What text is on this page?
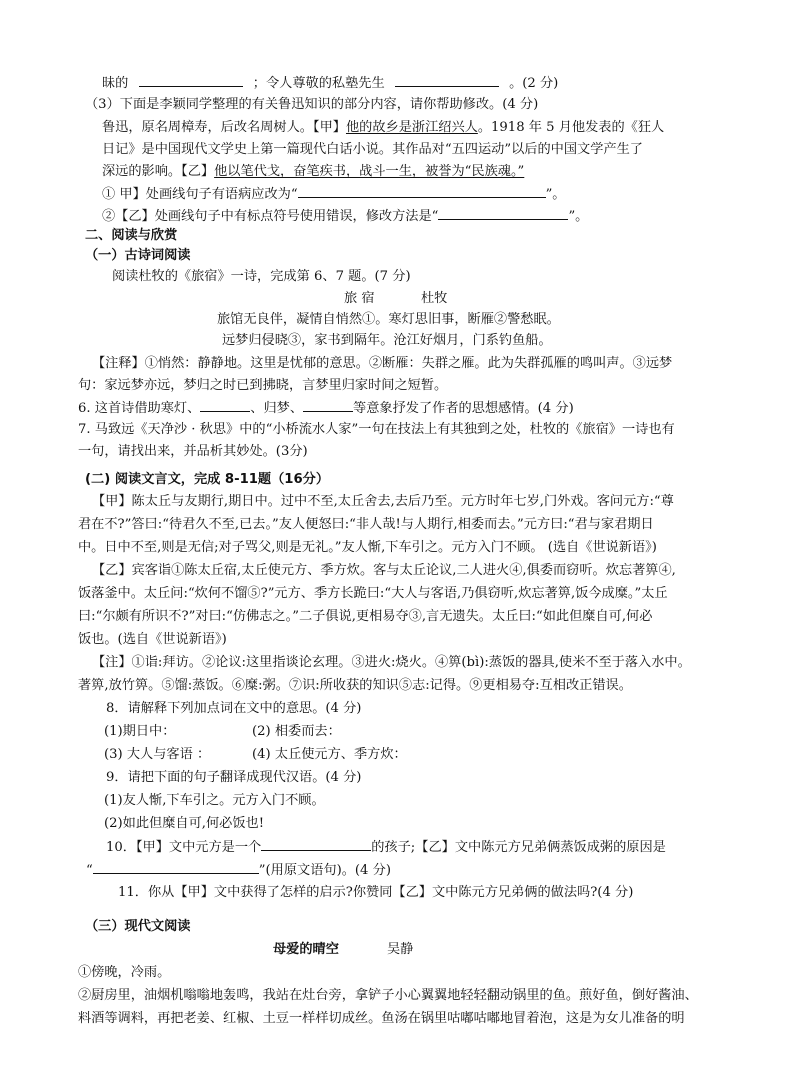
昧的	；令人尊敬的私塾先生	。(2 分)
（3）下面是李颖同学整理的有关鲁迅知识的部分内容，请你帮助修改。(4 分)
鲁迅，原名周樟寿，后改名周树人。【甲】他的故乡是浙江绍兴人。1918 年 5 月他发表的《狂人
日记》是中国现代文学史上第一篇现代白话小说。其作品对“五四运动”以后的中国文学产生了
深远的影响。【乙】他以笔代戈，奋笔疾书，战斗一生，被誉为“民族魂。”
① 甲】处画线句子有语病应改为“	”。
②【乙】处画线句子中有标点符号使用错误，修改方法是“	”。
二、阅读与欣赏
（一）古诗词阅读
阅读杜牧的《旅宿》一诗，完成第 6、7 题。(7 分)
旅 宿	杜牧
旅馆无良伴，凝情自悄然①。寒灯思旧事，断雁②警愁眠。
远梦归侵晓③，家书到隔年。沧江好烟月，门系钓鱼船。
【注释】①悄然：静静地。这里是忧郁的意思。②断雁：失群之雁。此为失群孤雁的鸣叫声。③远梦
句：家远梦亦远，梦归之时已到拂晓，言梦里归家时间之短暂。
6. 这首诗借助寒灯、	、归梦、	等意象抒发了作者的思想感情。(4 分)
7. 马致远《天净沙 · 秋思》中的“小桥流水人家”一句在技法上有其独到之处，杜牧的《旅宿》一诗也有
一句，请找出来，并品析其妙处。(3分)
(二) 阅读文言文，完成 8-11题（16分）
【甲】陈太丘与友期行,期日中。过中不至,太丘舍去,去后乃至。元方时年七岁,门外戏。客问元方:“尊
君在不?”答曰:“待君久不至,已去。”友人便怒曰:“非人哉!与人期行,相委而去。”元方曰:“君与家君期日
中。日中不至,则是无信;对子骂父,则是无礼。”友人惭,下车引之。元方入门不顾。 (选自《世说新语》)
【乙】宾客诣①陈太丘宿,太丘使元方、季方炊。客与太丘论议,二人进火④,俱委而窃听。炊忘著箅④,
饭落釜中。太丘问:“炊何不馏⑤?”元方、季方长跪曰:“大人与客语,乃俱窃听,炊忘著箅,饭今成糜。”太丘
曰:“尔颇有所识不?”对曰:“仿佛志之。”二子俱说,更相易夺③,言无遗失。太丘曰:“如此但糜自可,何必
饭也。(选自《世说新语》)
【注】①诣:拜访。②论议:这里指谈论玄理。③进火:烧火。④箅(bì):蒸饭的器具,使米不至于落入水中。
著箅,放竹箅。⑤馏:蒸饭。⑥糜:粥。⑦识:所收获的知识⑤志:记得。⑨更相易夺:互相改正错误。
8．请解释下列加点词在文中的意思。(4 分)
(1)期日中：	(2) 相委而去：
(3) 大人与客语 ：	(4) 太丘使元方、季方炊：
9．请把下面的句子翻译成现代汉语。(4 分)
(1)友人惭,下车引之。元方入门不顾。
(2)如此但糜自可,何必饭也!
10．【甲】文中元方是一个	的孩子;【乙】文中陈元方兄弟俩蒸饭成粥的原因是
“	”(用原文语句)。(4 分)
11．你从【甲】文中获得了怎样的启示?你赞同【乙】文中陈元方兄弟俩的做法吗?(4 分)
（三）现代文阅读
母爱的晴空	吴静
①傍晚，冷雨。
②厨房里，油烟机嗡嗡地轰鸣，我站在灶台旁，拿铲子小心翼翼地轻轻翻动锅里的鱼。煎好鱼，倒好酱油、
料酒等调料，再把老姜、红椒、土豆一样样切成丝。鱼汤在锅里咕嘟咕嘟地冒着泡，这是为女儿准备的明
